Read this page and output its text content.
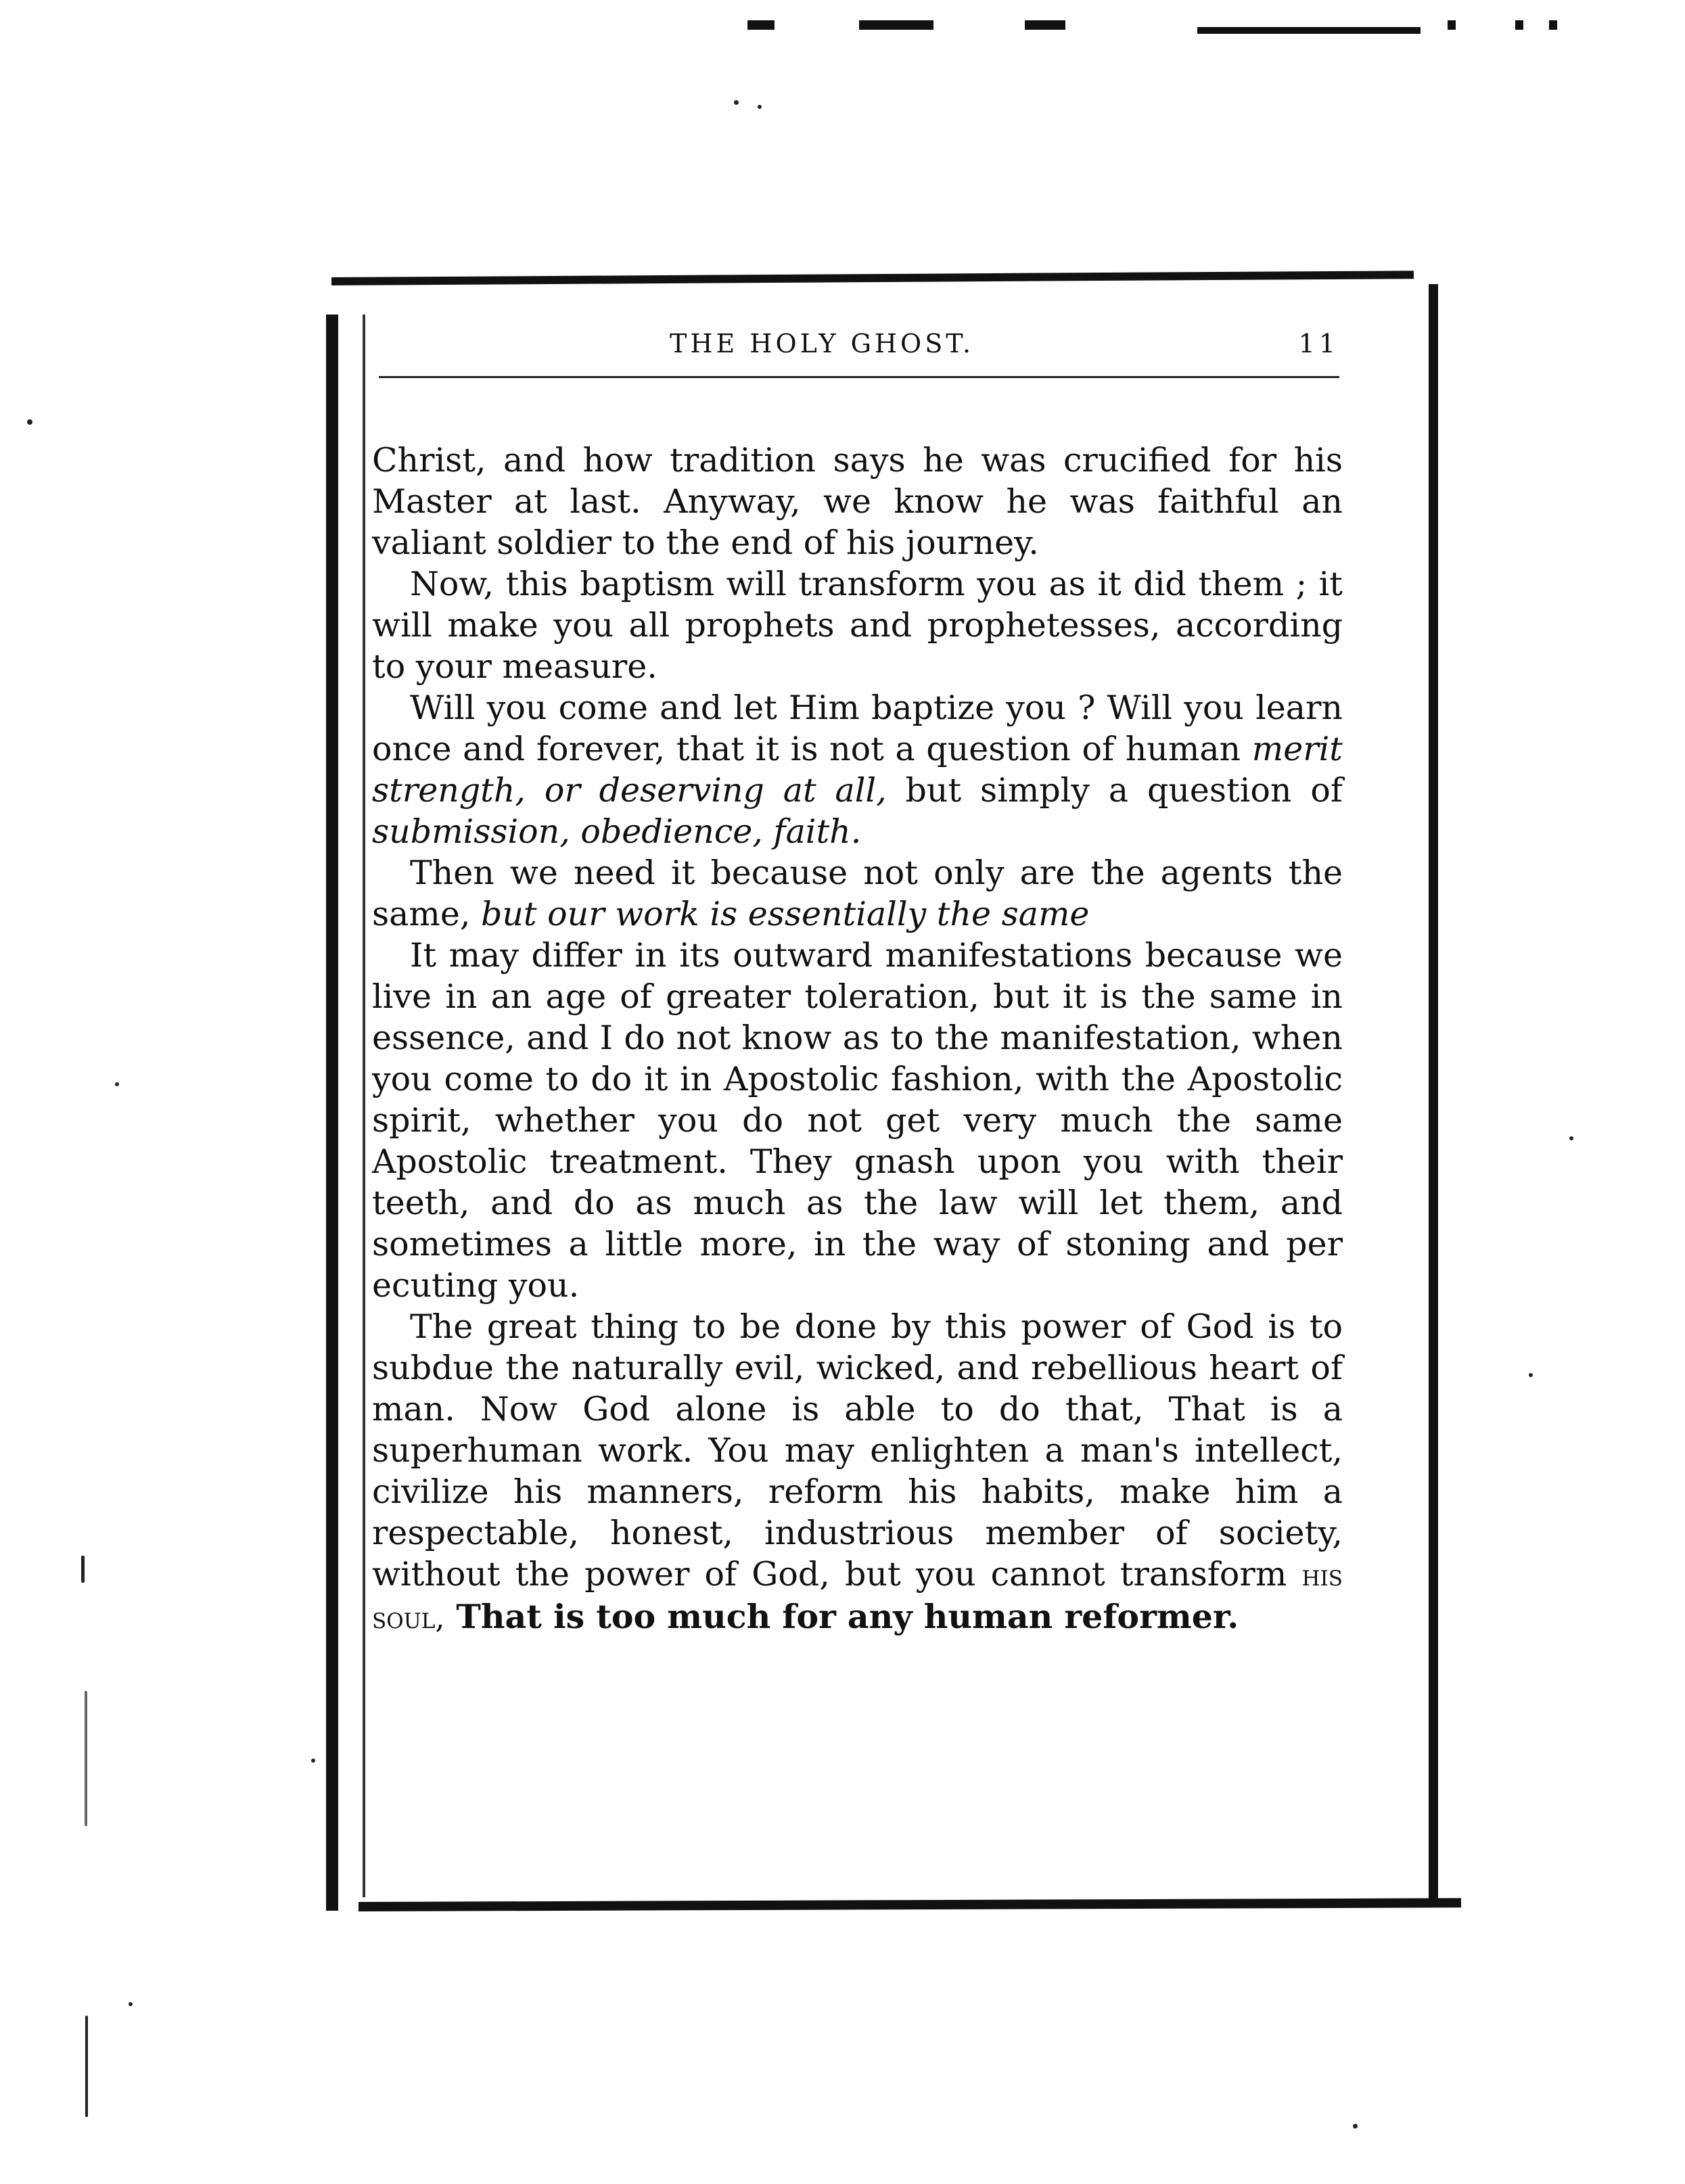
THE HOLY GHOST.	11

Christ, and how tradition says he was crucified for his Master at last. Anyway, we know he was faithful an valiant soldier to the end of his journey.

Now, this baptism will transform you as it did them ; it will make you all prophets and prophetesses, according to your measure.

Will you come and let Him baptize you ? Will you learn once and forever, that it is not a question of human merit strength, or deserving at all, but simply a question of submission, obedience, faith.

Then we need it because not only are the agents the same, but our work is essentially the same

It may differ in its outward manifestations because we live in an age of greater toleration, but it is the same in essence, and I do not know as to the manifestation, when you come to do it in Apostolic fashion, with the Apostolic spirit, whether you do not get very much the same Apostolic treatment. They gnash upon you with their teeth, and do as much as the law will let them, and sometimes a little more, in the way of stoning and per ecuting you.

The great thing to be done by this power of God is to subdue the naturally evil, wicked, and rebellious heart of man. Now God alone is able to do that, That is a superhuman work. You may enlighten a man's intellect, civilize his manners, reform his habits, make him a respectable, honest, industrious member of society, without the power of God, but you cannot transform his soul, That is too much for any human reformer.
